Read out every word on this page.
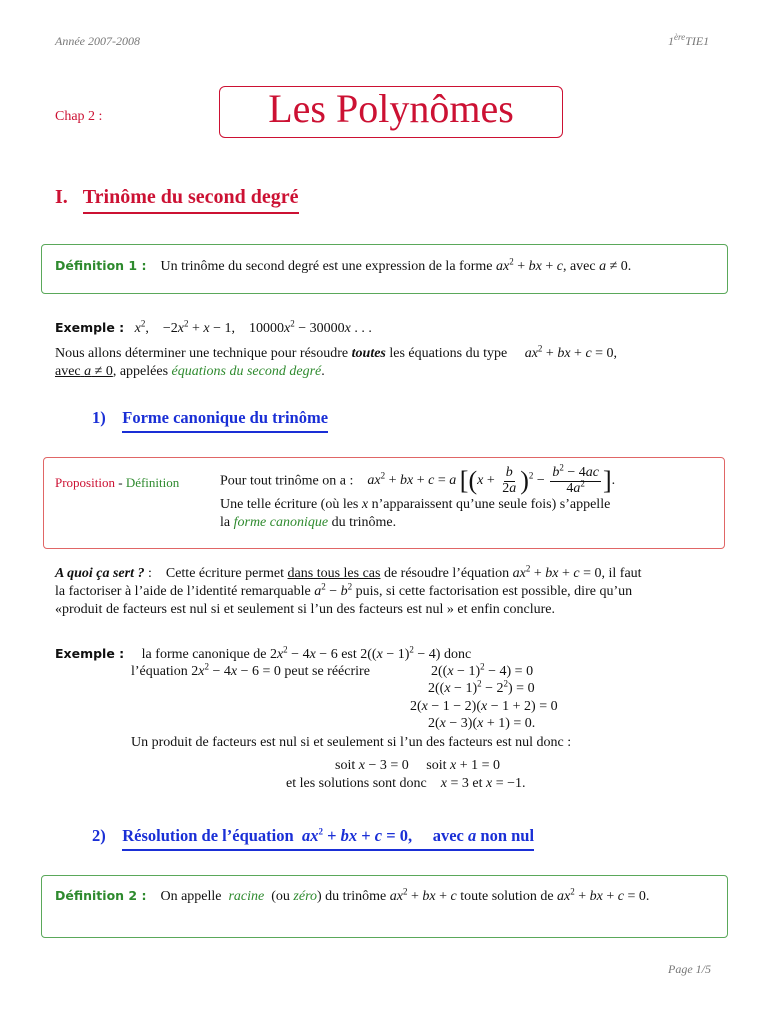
Année 2007-2008	1èreTIE1
Chap 2 :	Les Polynômes
I. Trinôme du second degré
Définition 1 : Un trinôme du second degré est une expression de la forme $ax^2$ + bx + c, avec a ≠ 0.
Exemple : $x^2$,    $-2x^2 + x - 1$,    $10000x^2 - 30000x$ . . .
Nous allons déterminer une technique pour résoudre toutes les équations du type $ax^2$ + bx + c = 0,
avec a ≠ 0, appelées équations du second degré.
1) Forme canonique du trinôme
Proposition - Définition	Pour tout trinôme on a : $ax^2$ + bx + c = a [$(x + \frac{b}{2a} )^2 - \frac{b^2 - 4ac}{4a^2}$ ].
Une telle écriture (où les x n’apparaissent qu’une seule fois) s’appelle
la forme canonique du trinôme.
A quoi ça sert ? :    Cette écriture permet dans tous les cas de résoudre l’équation $ax^2$ + bx + c = 0, il faut
la factoriser à l’aide de l’identité remarquable $a^2 - b^2$ puis, si cette factorisation est possible, dire qu’un
«produit de facteurs est nul si et seulement si l’un des facteurs est nul » et enfin conclure.
Exemple : la forme canonique de $2x^2 - 4x - 6$ est $2((x - 1)^2 - 4)$ donc
l’équation $2x^2 - 4x - 6 = 0$ peut se réécrire	$2((x - 1)^2 - 4) = 0$
$2((x - 1)^2 - 2^2) = 0$
2(x − 1 − 2)(x − 1 + 2) = 0
2(x − 3)(x + 1) = 0.
Un produit de facteurs est nul si et seulement si l’un des facteurs est nul donc :
soit x − 3 = 0 soit x + 1 = 0
et les solutions sont donc x = 3 et x = −1.
2) Résolution de l’équation $ax^2$ + bx + c = 0,     avec a non nul
Définition 2 : On appelle racine (ou zéro) du trinôme $ax^2$ + bx + c toute solution de $ax^2$ + bx + c = 0.
Page 1/5
